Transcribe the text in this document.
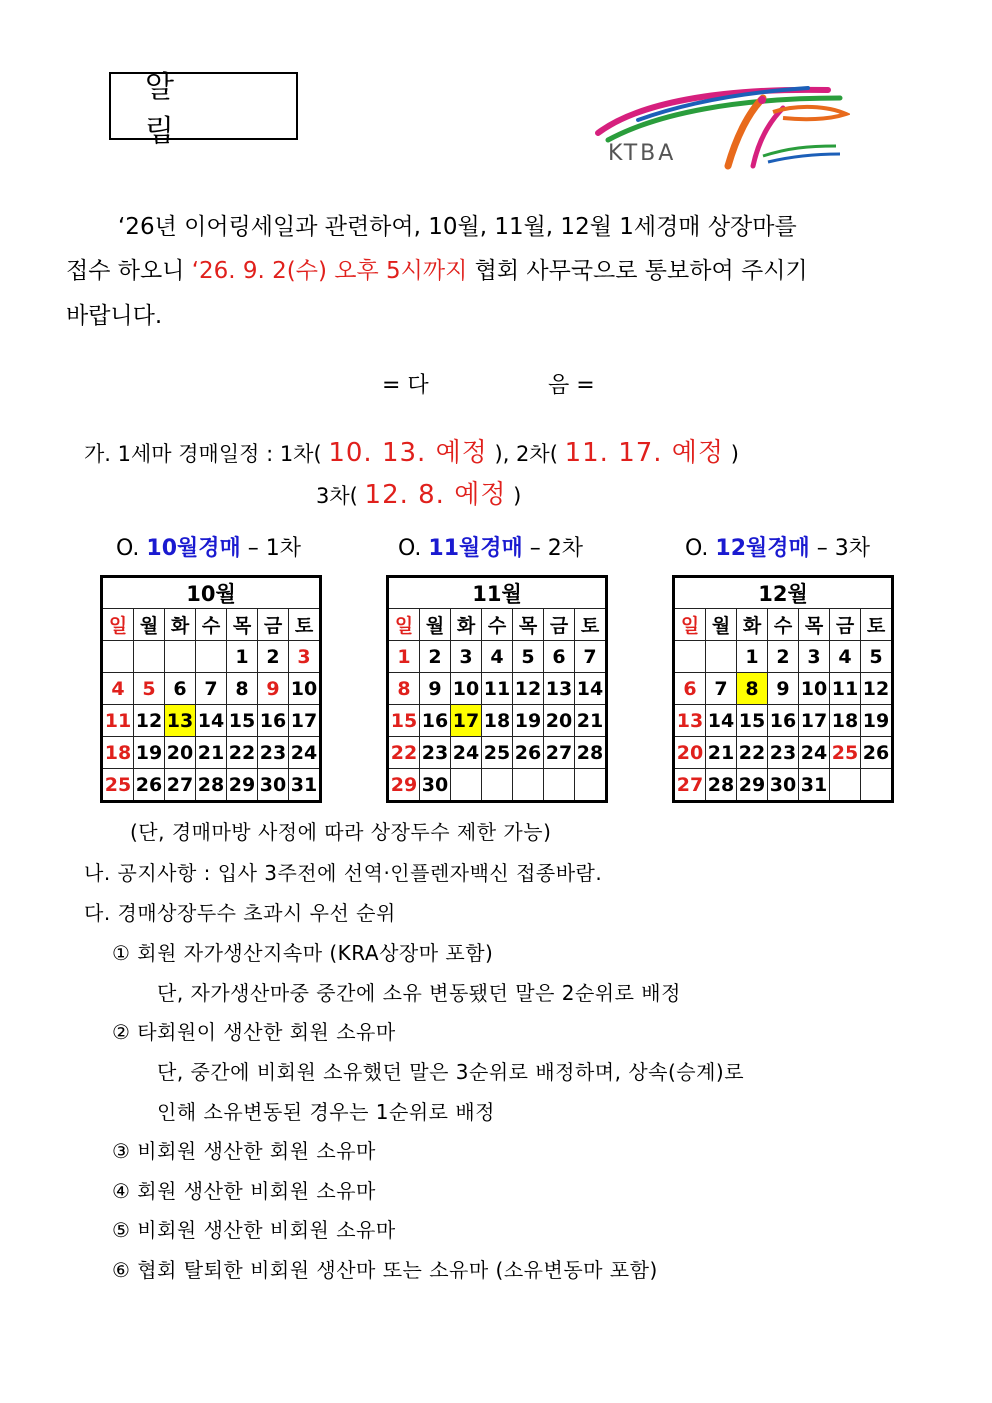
알 림
KTBA
‘26년 이어링세일과 관련하여, 10월, 11월, 12월 1세경매 상장마를
접수 하오니 ‘26. 9. 2(수) 오후 5시까지 협회 사무국으로 통보하여 주시기
바랍니다.
= 다	음 =
가. 1세마 경매일정 : 1차( 10. 13. 예정 ), 2차( 11. 17. 예정 )
3차( 12. 8. 예정 )
O. 10월경매 – 1차	O. 11월경매 – 2차	O. 12월경매 – 3차
10월						
일	월	화	수	목	금	토
				1	2	3
4	5	6	7	8	9	10
11	12	13	14	15	16	17
18	19	20	21	22	23	24
25	26	27	28	29	30	31
11월						
일	월	화	수	목	금	토
1	2	3	4	5	6	7
8	9	10	11	12	13	14
15	16	17	18	19	20	21
22	23	24	25	26	27	28
29	30					
12월						
일	월	화	수	목	금	토
		1	2	3	4	5
6	7	8	9	10	11	12
13	14	15	16	17	18	19
20	21	22	23	24	25	26
27	28	29	30	31		
(단, 경매마방 사정에 따라 상장두수 제한 가능)
나. 공지사항 : 입사 3주전에 선역·인플렌자백신 접종바람.
다. 경매상장두수 초과시 우선 순위
① 회원 자가생산지속마 (KRA상장마 포함)
단, 자가생산마중 중간에 소유 변동됐던 말은 2순위로 배정
② 타회원이 생산한 회원 소유마
단, 중간에 비회원 소유했던 말은 3순위로 배정하며, 상속(승계)로
인해 소유변동된 경우는 1순위로 배정
③ 비회원 생산한 회원 소유마
④ 회원 생산한 비회원 소유마
⑤ 비회원 생산한 비회원 소유마
⑥ 협회 탈퇴한 비회원 생산마 또는 소유마 (소유변동마 포함)
